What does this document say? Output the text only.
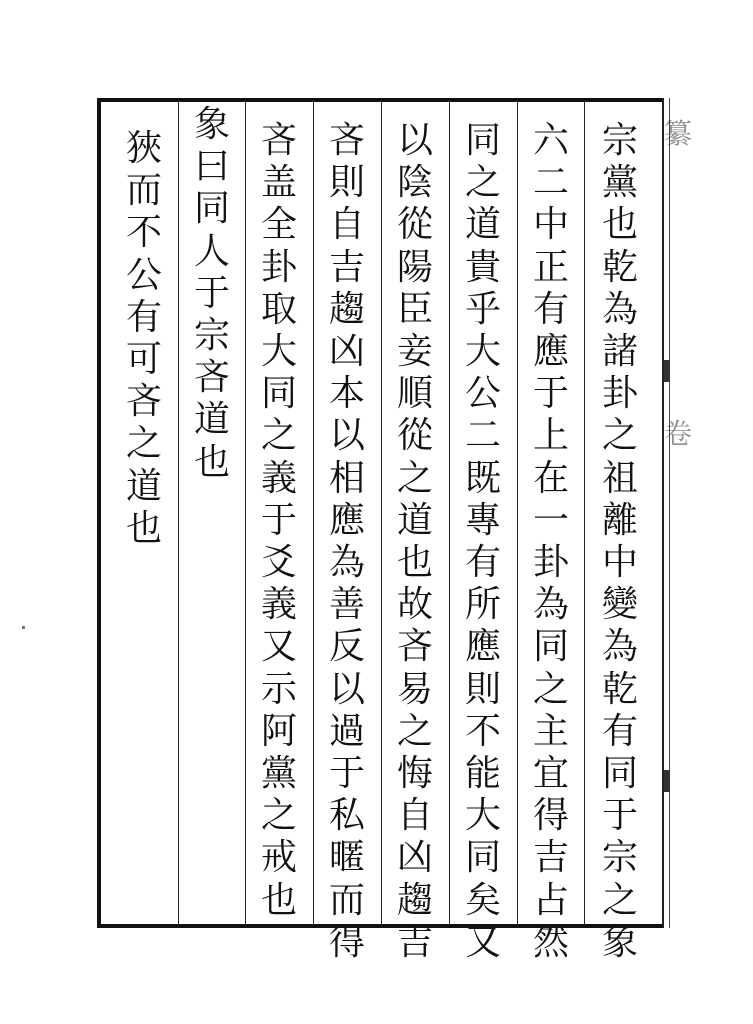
纂

卷
宗
黨
也
乾
為
諸
卦
之
祖
離
中
變
為
乾
有
同
于
宗
之
象
六
二
中
正
有
應
于
上
在
一
卦
為
同
之
主
宜
得
吉
占
然
同
之
道
貴
乎
大
公
二
既
專
有
所
應
則
不
能
大
同
矣
又
以
陰
從
陽
臣
妾
順
從
之
道
也
故
吝
易
之
悔
自
凶
趨
吉
吝
則
自
吉
趨
凶
本
以
相
應
為
善
反
以
過
于
私
暱
而
得
吝
盖
全
卦
取
大
同
之
義
于
爻
義
又
示
阿
黨
之
戒
也
象
曰
同
人
于
宗
吝
道
也
狹
而
不
公
有
可
吝
之
道
也
